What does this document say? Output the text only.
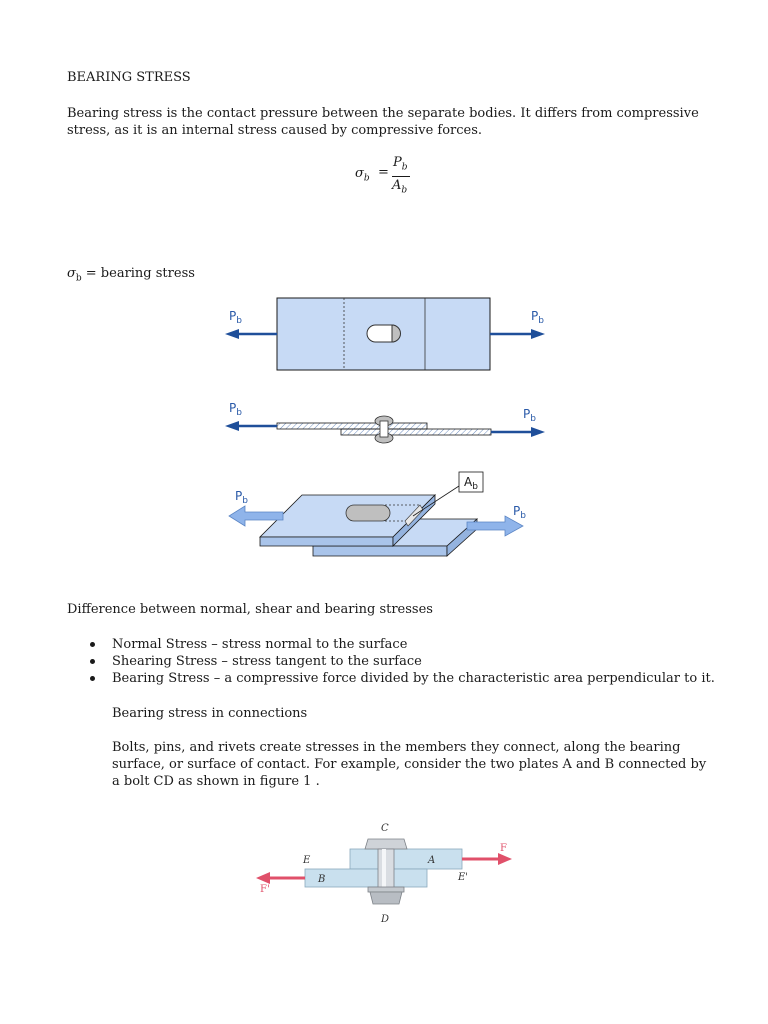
BEARING STRESS
Bearing stress is the contact pressure between the separate bodies. It differs from compressive stress, as it is an internal stress caused by compressive forces.
$\sigma_b$ =
$P_b$
$A_b$
$\sigma_b$ = bearing stress
$P_b$	$P_b$
$P_b$	$P_b$
$A_b$
$P_b$
$P_b$
Difference between normal, shear and bearing stresses
Normal Stress – stress normal to the surface
Shearing Stress – stress tangent to the surface
Bearing Stress – a compressive force divided by the characteristic area perpendicular to it.
Bearing stress in connections
Bolts, pins, and rivets create stresses in the members they connect, along the bearing surface, or surface of contact. For example, consider the two plates A and B connected by a bolt CD as shown in figure 1 .
C
D
E
E'
A
B
F
F'
